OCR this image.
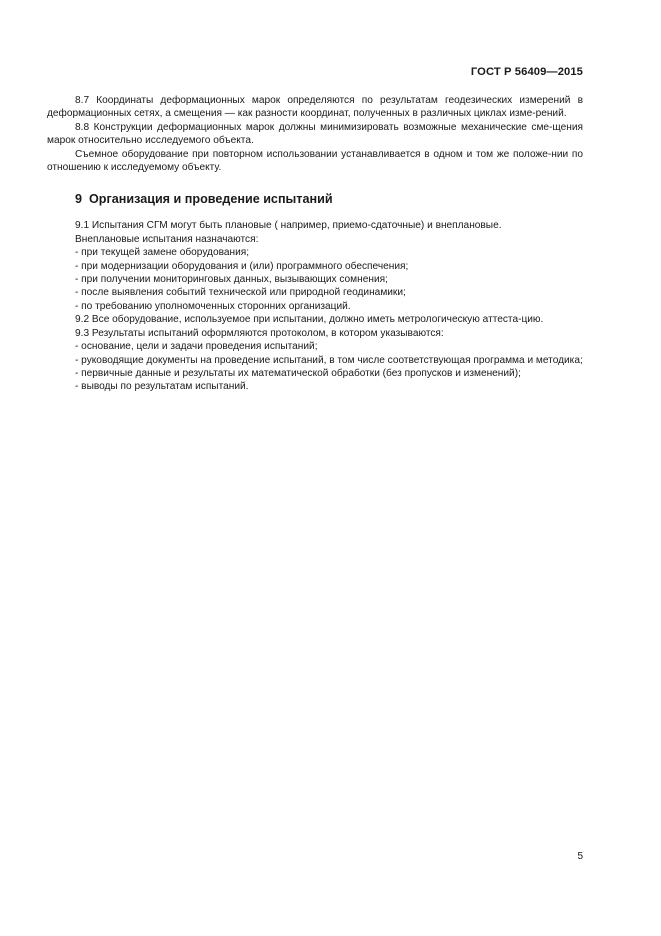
ГОСТ Р 56409—2015

8.7 Координаты деформационных марок определяются по результатам геодезических измерений в деформационных сетях, а смещения — как разности координат, полученных в различных циклах изме-рений.

8.8 Конструкции деформационных марок должны минимизировать возможные механические сме-щения марок относительно исследуемого объекта.

Съемное оборудование при повторном использовании устанавливается в одном и том же положе-нии по отношению к исследуемому объекту.

9 Организация и проведение испытаний

9.1 Испытания СГМ могут быть плановые ( например, приемо-сдаточные) и внеплановые.

Внеплановые испытания назначаются:

- при текущей замене оборудования;

- при модернизации оборудования и (или) программного обеспечения;

- при получении мониторинговых данных, вызывающих сомнения;

- после выявления событий технической или природной геодинамики;

- по требованию уполномоченных сторонних организаций.

9.2 Все оборудование, используемое при испытании, должно иметь метрологическую аттеста-цию.

9.3 Результаты испытаний оформляются протоколом, в котором указываются:

- основание, цели и задачи проведения испытаний;

- руководящие документы на проведение испытаний, в том числе соответствующая программа и методика;

- первичные данные и результаты их математической обработки (без пропусков и изменений);

- выводы по результатам испытаний.

5
